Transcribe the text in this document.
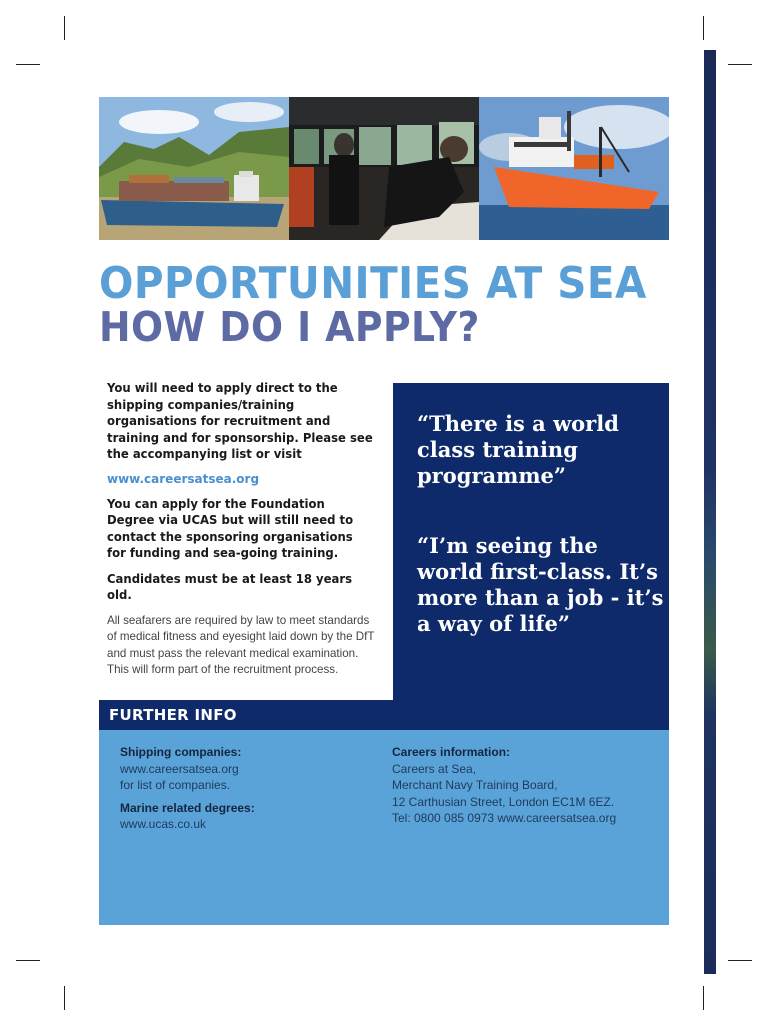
OPPORTUNITIES AT SEA
HOW DO I APPLY?

You will need to apply direct to the shipping companies/training organisations for recruitment and training and for sponsorship. Please see the accompanying list or visit

www.careersatsea.org

You can apply for the Foundation Degree via UCAS but will still need to contact the sponsoring organisations for funding and sea-going training.

Candidates must be at least 18 years old.

All seafarers are required by law to meet standards of medical fitness and eyesight laid down by the DfT and must pass the relevant medical examination. This will form part of the recruitment process.

“There is a world class training programme”
“I’m seeing the world first-class. It’s more than a job - it’s a way of life”
FURTHER INFO

Shipping companies:

www.careersatsea.org

for list of companies.

Marine related degrees:

www.ucas.co.uk

Careers information:

Careers at Sea,

Merchant Navy Training Board,

12 Carthusian Street, London EC1M 6EZ.

Tel: 0800 085 0973 www.careersatsea.org
